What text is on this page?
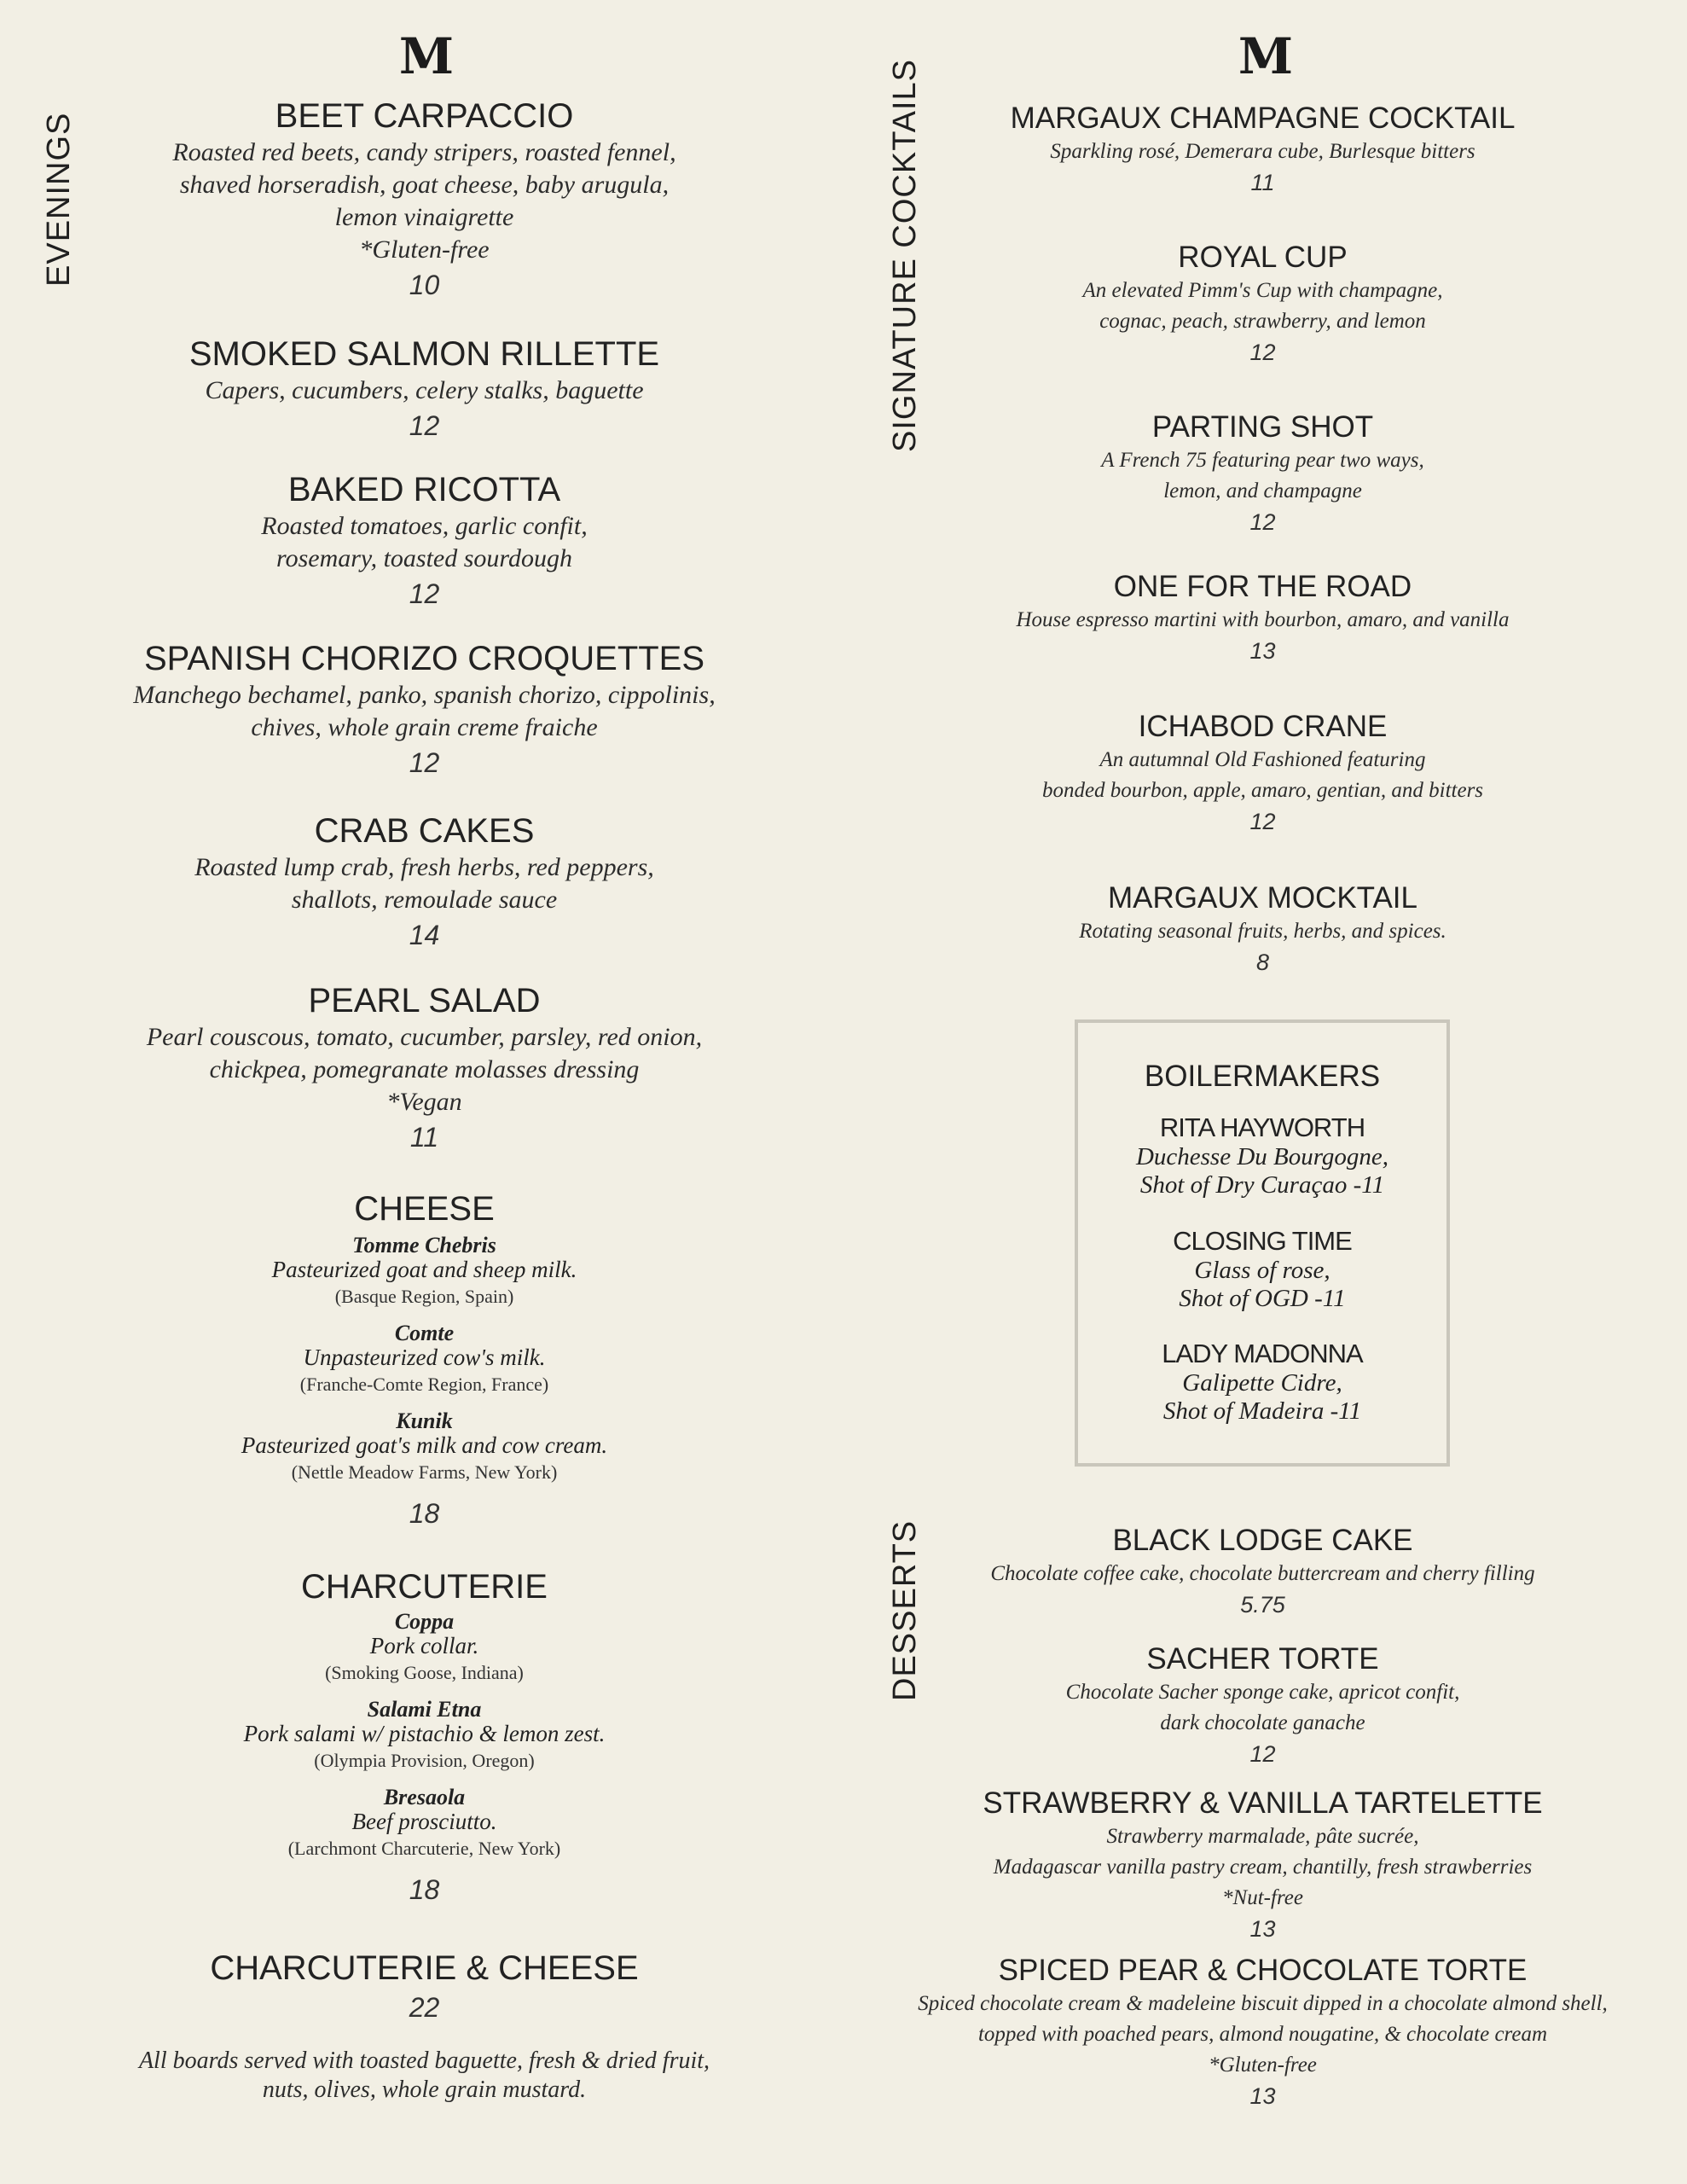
M	M
EVENINGS	SIGNATURE COCKTAILS
DESSERTS
BEET CARPACCIO
Roasted red beets, candy stripers, roasted fennel,
shaved horseradish, goat cheese, baby arugula,
lemon vinaigrette
*Gluten-free
10
SMOKED SALMON RILLETTE
Capers, cucumbers, celery stalks, baguette
12
BAKED RICOTTA
Roasted tomatoes, garlic confit,
rosemary, toasted sourdough
12
SPANISH CHORIZO CROQUETTES
Manchego bechamel, panko, spanish chorizo, cippolinis,
chives, whole grain creme fraiche
12
CRAB CAKES
Roasted lump crab, fresh herbs, red peppers,
shallots, remoulade sauce
14
PEARL SALAD
Pearl couscous, tomato, cucumber, parsley, red onion,
chickpea, pomegranate molasses dressing
*Vegan
11
CHEESE
Tomme Chebris
Pasteurized goat and sheep milk.
(Basque Region, Spain)
Comte
Unpasteurized cow's milk.
(Franche-Comte Region, France)
Kunik
Pasteurized goat's milk and cow cream.
(Nettle Meadow Farms, New York)
18
CHARCUTERIE
Coppa
Pork collar.
(Smoking Goose, Indiana)
Salami Etna
Pork salami w/ pistachio & lemon zest.
(Olympia Provision, Oregon)
Bresaola
Beef prosciutto.
(Larchmont Charcuterie, New York)
18
CHARCUTERIE & CHEESE
22
All boards served with toasted baguette, fresh & dried fruit,
nuts, olives, whole grain mustard.
MARGAUX CHAMPAGNE COCKTAIL
Sparkling rosé, Demerara cube, Burlesque bitters
11
ROYAL CUP
An elevated Pimm's Cup with champagne,
cognac, peach, strawberry, and lemon
12
PARTING SHOT
A French 75 featuring pear two ways,
lemon, and champagne
12
ONE FOR THE ROAD
House espresso martini with bourbon, amaro, and vanilla
13
ICHABOD CRANE
An autumnal Old Fashioned featuring
bonded bourbon, apple, amaro, gentian, and bitters
12
MARGAUX MOCKTAIL
Rotating seasonal fruits, herbs, and spices.
8
BLACK LODGE CAKE
Chocolate coffee cake, chocolate buttercream and cherry filling
5.75
SACHER TORTE
Chocolate Sacher sponge cake, apricot confit,
dark chocolate ganache
12
STRAWBERRY & VANILLA TARTELETTE
Strawberry marmalade, pâte sucrée,
Madagascar vanilla pastry cream, chantilly, fresh strawberries
*Nut-free
13
SPICED PEAR & CHOCOLATE TORTE
Spiced chocolate cream & madeleine biscuit dipped in a chocolate almond shell,
topped with poached pears, almond nougatine, & chocolate cream
*Gluten-free
13
BOILERMAKERS
RITA HAYWORTH
Duchesse Du Bourgogne,
Shot of Dry Curaçao -11
CLOSING TIME
Glass of rose,
Shot of OGD -11
LADY MADONNA
Galipette Cidre,
Shot of Madeira -11
